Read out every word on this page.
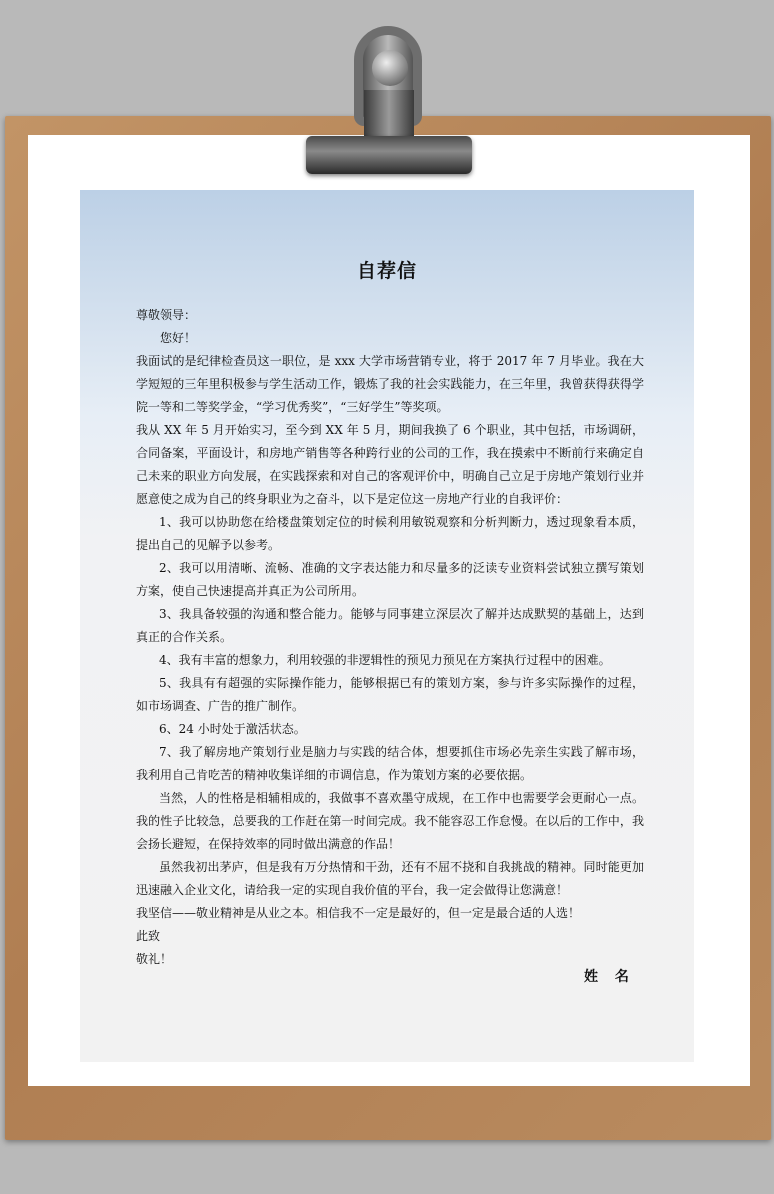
自荐信

尊敬领导：

您好！

我面试的是纪律检查员这一职位，是 xxx 大学市场营销专业，将于 2017 年 7 月毕业。我在大学短短的三年里积极参与学生活动工作，锻炼了我的社会实践能力，在三年里，我曾获得获得学院一等和二等奖学金，“学习优秀奖”，“三好学生”等奖项。

我从 XX 年 5 月开始实习，至今到 XX 年 5 月，期间我换了 6 个职业，其中包括，市场调研，合同备案，平面设计，和房地产销售等各种跨行业的公司的工作，我在摸索中不断前行来确定自己未来的职业方向发展，在实践探索和对自己的客观评价中，明确自己立足于房地产策划行业并愿意使之成为自己的终身职业为之奋斗，以下是定位这一房地产行业的自我评价：

1、我可以协助您在给楼盘策划定位的时候利用敏锐观察和分析判断力，透过现象看本质，提出自己的见解予以参考。

2、我可以用清晰、流畅、准确的文字表达能力和尽量多的泛读专业资料尝试独立撰写策划方案，使自己快速提高并真正为公司所用。

3、我具备较强的沟通和整合能力。能够与同事建立深层次了解并达成默契的基础上，达到真正的合作关系。

4、我有丰富的想象力，利用较强的非逻辑性的预见力预见在方案执行过程中的困难。

5、我具有有超强的实际操作能力，能够根据已有的策划方案，参与许多实际操作的过程，如市场调查、广告的推广制作。

6、24 小时处于激活状态。

7、我了解房地产策划行业是脑力与实践的结合体，想要抓住市场必先亲生实践了解市场，我利用自己肯吃苦的精神收集详细的市调信息，作为策划方案的必要依据。

当然，人的性格是相辅相成的，我做事不喜欢墨守成规，在工作中也需要学会更耐心一点。我的性子比较急，总要我的工作赶在第一时间完成。我不能容忍工作怠慢。在以后的工作中，我会扬长避短，在保持效率的同时做出满意的作品！

虽然我初出茅庐，但是我有万分热情和干劲，还有不屈不挠和自我挑战的精神。同时能更加迅速融入企业文化，请给我一定的实现自我价值的平台，我一定会做得让您满意！

我坚信——敬业精神是从业之本。相信我不一定是最好的，但一定是最合适的人选！

此致

敬礼！

姓 名
